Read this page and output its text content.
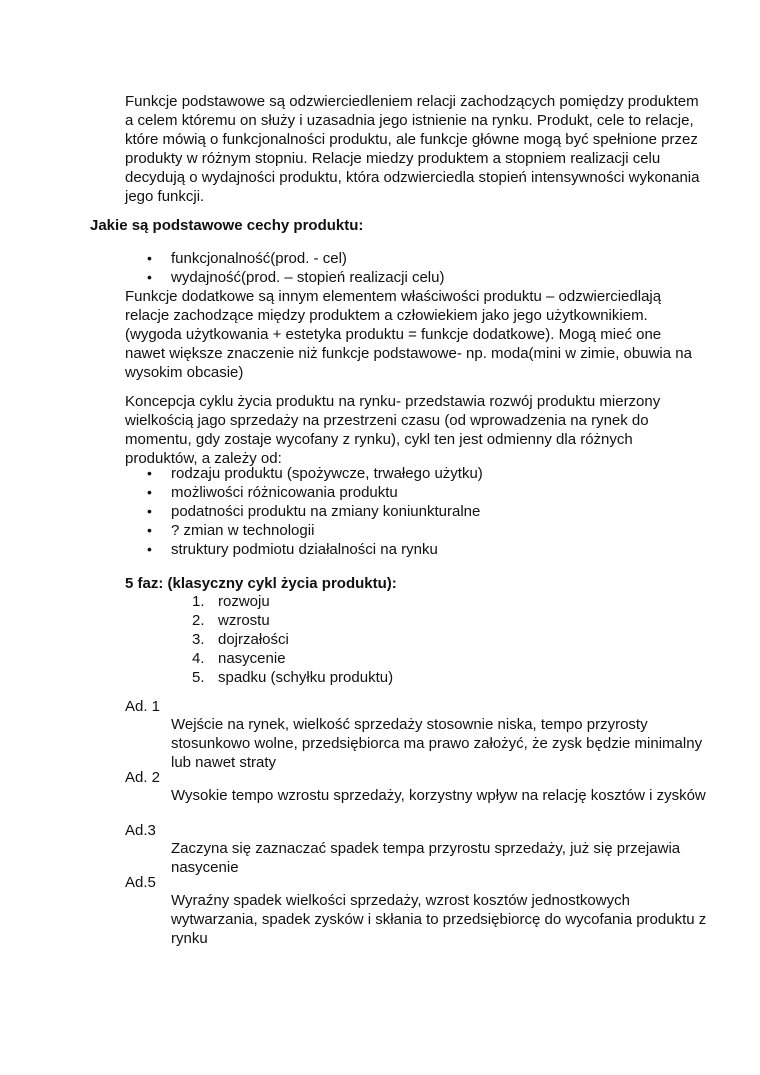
Funkcje podstawowe są odzwierciedleniem relacji zachodzących pomiędzy produktem a celem któremu on służy i uzasadnia jego istnienie na rynku. Produkt, cele to relacje, które mówią o funkcjonalności produktu, ale funkcje główne mogą być spełnione przez produkty w różnym stopniu. Relacje miedzy produktem a stopniem realizacji celu decydują o wydajności produktu, która odzwierciedla stopień intensywności wykonania jego funkcji.

Jakie są podstawowe cechy produktu:

• funkcjonalność(prod. - cel)
• wydajność(prod. – stopień realizacji celu)

Funkcje dodatkowe są innym elementem właściwości produktu – odzwierciedlają relacje zachodzące między produktem a człowiekiem jako jego użytkownikiem. (wygoda użytkowania + estetyka produktu = funkcje dodatkowe). Mogą mieć one nawet większe znaczenie niż funkcje podstawowe- np. moda(mini w zimie, obuwia na wysokim obcasie)

Koncepcja cyklu życia produktu na rynku- przedstawia rozwój produktu mierzony wielkością jago sprzedaży na przestrzeni czasu (od wprowadzenia na rynek do momentu, gdy zostaje wycofany z rynku), cykl ten jest odmienny dla różnych produktów, a zależy od:

• rodzaju produktu (spożywcze, trwałego użytku)
• możliwości różnicowania produktu
• podatności produktu na zmiany koniunkturalne
• ? zmian w technologii
• struktury podmiotu działalności na rynku

5 faz: (klasyczny cykl życia produktu):

1. rozwoju
2. wzrostu
3. dojrzałości
4. nasycenie
5. spadku (schyłku produktu)

Ad. 1

Wejście na rynek, wielkość sprzedaży stosownie niska, tempo przyrosty stosunkowo wolne, przedsiębiorca ma prawo założyć, że zysk będzie minimalny lub nawet straty

Ad. 2

Wysokie tempo wzrostu sprzedaży, korzystny wpływ na relację kosztów i zysków

Ad.3

Zaczyna się zaznaczać spadek tempa przyrostu sprzedaży, już się przejawia nasycenie

Ad.5

Wyraźny spadek wielkości sprzedaży, wzrost kosztów jednostkowych wytwarzania, spadek zysków i skłania to przedsiębiorcę do wycofania produktu z rynku
